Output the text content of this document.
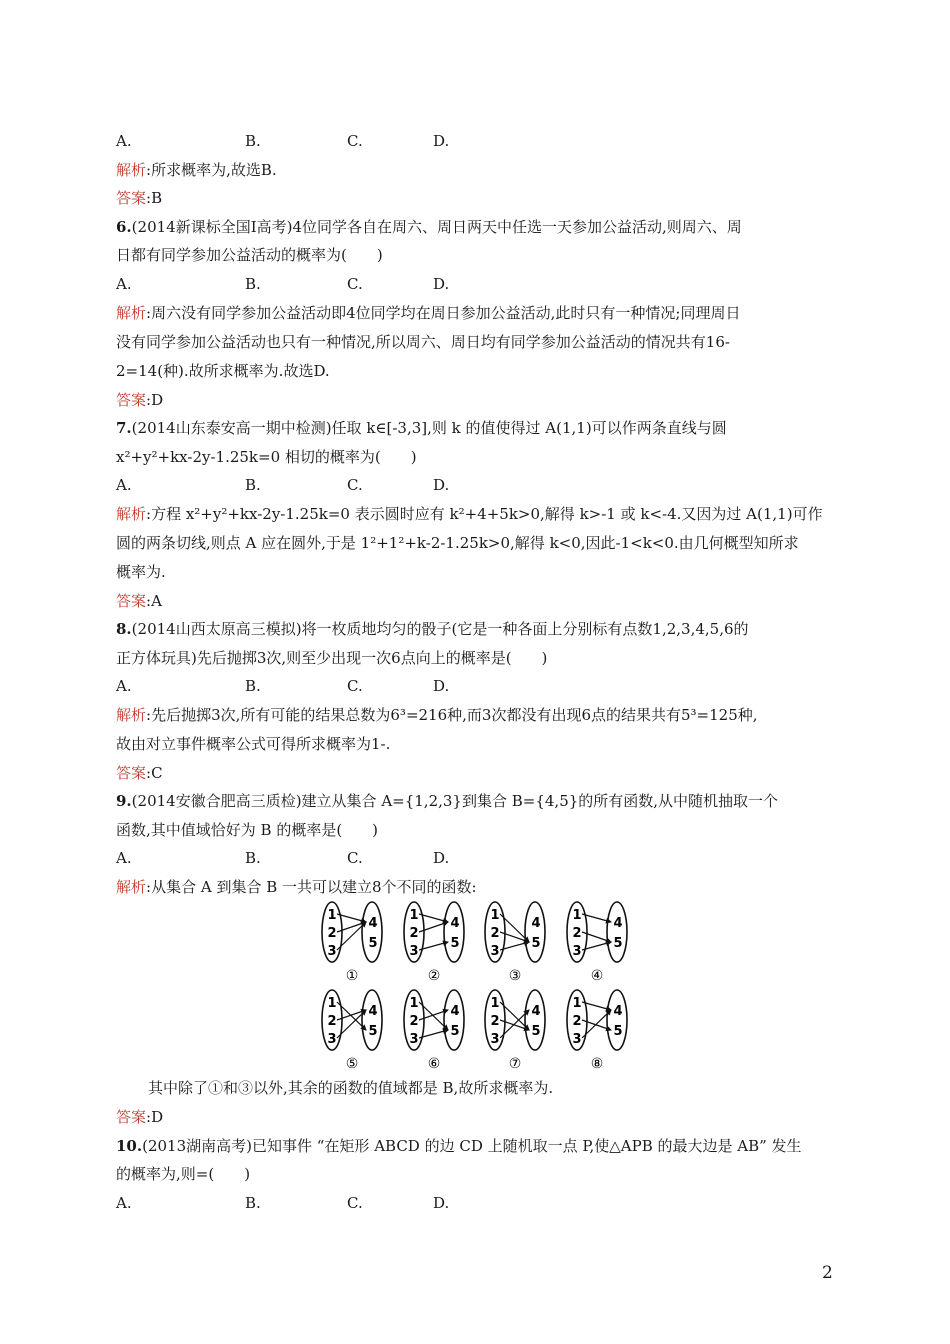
A.	B.	C.	D.
解析:所求概率为,故选B.
答案:B
6.(2014新课标全国Ⅰ高考)4位同学各自在周六、周日两天中任选一天参加公益活动,则周六、周
日都有同学参加公益活动的概率为(　　)
A.	B.	C.	D.
解析:周六没有同学参加公益活动即4位同学均在周日参加公益活动,此时只有一种情况;同理周日
没有同学参加公益活动也只有一种情况,所以周六、周日均有同学参加公益活动的情况共有16-
2=14(种).故所求概率为.故选D.
答案:D
7.(2014山东泰安高一期中检测)任取 k∈[-3,3],则 k 的值使得过 A(1,1)可以作两条直线与圆
x²+y²+kx-2y-1.25k=0 相切的概率为(　　)
A.	B.	C.	D.
解析:方程 x²+y²+kx-2y-1.25k=0 表示圆时应有 k²+4+5k>0,解得 k>-1 或 k<-4.又因为过 A(1,1)可作
圆的两条切线,则点 A 应在圆外,于是 1²+1²+k-2-1.25k>0,解得 k<0,因此-1<k<0.由几何概型知所求
概率为.
答案:A
8.(2014山西太原高三模拟)将一枚质地均匀的骰子(它是一种各面上分别标有点数1,2,3,4,5,6的
正方体玩具)先后抛掷3次,则至少出现一次6点向上的概率是(　　)
A.	B.	C.	D.
解析:先后抛掷3次,所有可能的结果总数为6³=216种,而3次都没有出现6点的结果共有5³=125种,
故由对立事件概率公式可得所求概率为1-.
答案:C
9.(2014安徽合肥高三质检)建立从集合 A={1,2,3}到集合 B={4,5}的所有函数,从中随机抽取一个
函数,其中值域恰好为 B 的概率是(　　)
A.	B.	C.	D.
解析:从集合 A 到集合 B 一共可以建立8个不同的函数:
1
2
3
4
5
①
1
2
3
4
5
②
1
2
3
4
5
③
1
2
3
4
5
④
1
2
3
4
5
⑤
1
2
3
4
5
⑥
1
2
3
4
5
⑦
1
2
3
4
5
⑧
其中除了①和③以外,其余的函数的值域都是 B,故所求概率为.
答案:D
10.(2013湖南高考)已知事件 “在矩形 ABCD 的边 CD 上随机取一点 P,使△APB 的最大边是 AB” 发生
的概率为,则=(　　)
A.	B.	C.	D.
2
